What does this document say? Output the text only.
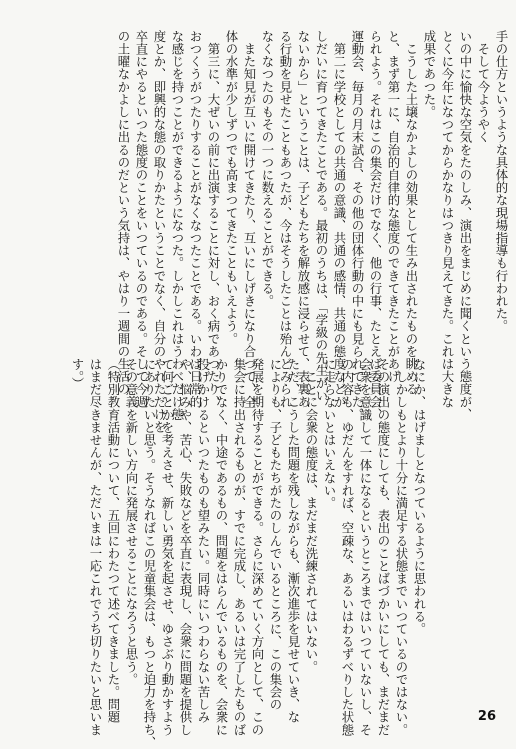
手の仕方というような具体的な現場指導も行われた。
　そして今ようやく
いの中に愉快な空気をたのしみ、演出をまじめに聞くという態度が、
とくに今年になつてからかなりはつきり見えてきた。これは大きな
成果であつた。
　こうした土壌なかよしの効果として生み出されたものを眺める
と、まず第一に、自治的自律的な態度のできてきたことがあげ
られよう。それはこの集会だけでなく、他の行事、たとえば委員会、
運動会、毎月の月末試合、その他の団体行動の中にも見られてきた。
　第二に学校としての共通の意識、共通の感情、共通の態度などが
しだいに育つてきたことである。最初のうちは、「学級の先生がい
ないから」ということは、子どもたちを解放感に浸らせて、表裏あ
る行動を見せたこともあつたが、今はそうしたことは殆んどみられ
なくなつたのもその一つに数えることができる。
　また知見が互いに開けてきたり、互いにしげきになり合つて、全
体の水準が少しずつでも高まつてきたこともいえよう。
　第三に、大ぜいの前に出演することに対し、おく病であつたり、
おつくうがつたりすることがなくなつたことである。いわば日常的
な感じを持つことができるようになつた。しかしこれはうわべだけ態
度とか、即興的な態の取りかたということでなく、自分のやれただけを
卒直にやるといつた態度のことをいつているのである。そして今週
の土曜なかよしに出るのだという気持は、やはり一週間の生活の
なにか、はげましとなつているように思われる。
　しかしもとより十分に満足する状態までいつているのではない。
その演出の態度にしても、表出のことばづかいにしても、まだまだ
会衆を意識して一体になるというところまではいつていないし、そ
の内容も、ゆだんをすれば、空疎な、あるいはわるずべりした状態
に走らないとはいえない。
　ことに会衆の態度は、まだまだ洗練されてはいない。
ただ、こうした問題を残しながらも、漸次進歩を見せていき、な
によりも、子どもたちがたのしんでいるところに、この集会の
発展を期待することができる。さらに深めていく方向として、この
集会に持出されるものが、すでに完成し、あるいは完了したものば
かりでなく、中途であるもの、問題をはらんでいるものを、会衆に
投げかけるといつたものも望みたい。同時にいつわらない苦しみ
や、悩みや、苦心、失敗などを卒直に表現し、会衆に問題を提供し
て何ごとかを考えさせ、新しい勇気を起させ、ゆさぶり動かすよう
にありたいと思う。そうなればこの児童集会は、もつと迫力を持ち、
その意義を新しい方向に発展させることになろうと思う。
（特別教育活動について、五回にわたつて述べてきました。問題
はまだ尽きませんが、ただいまは一応これでうち切りたいと思いま
す。）
26
